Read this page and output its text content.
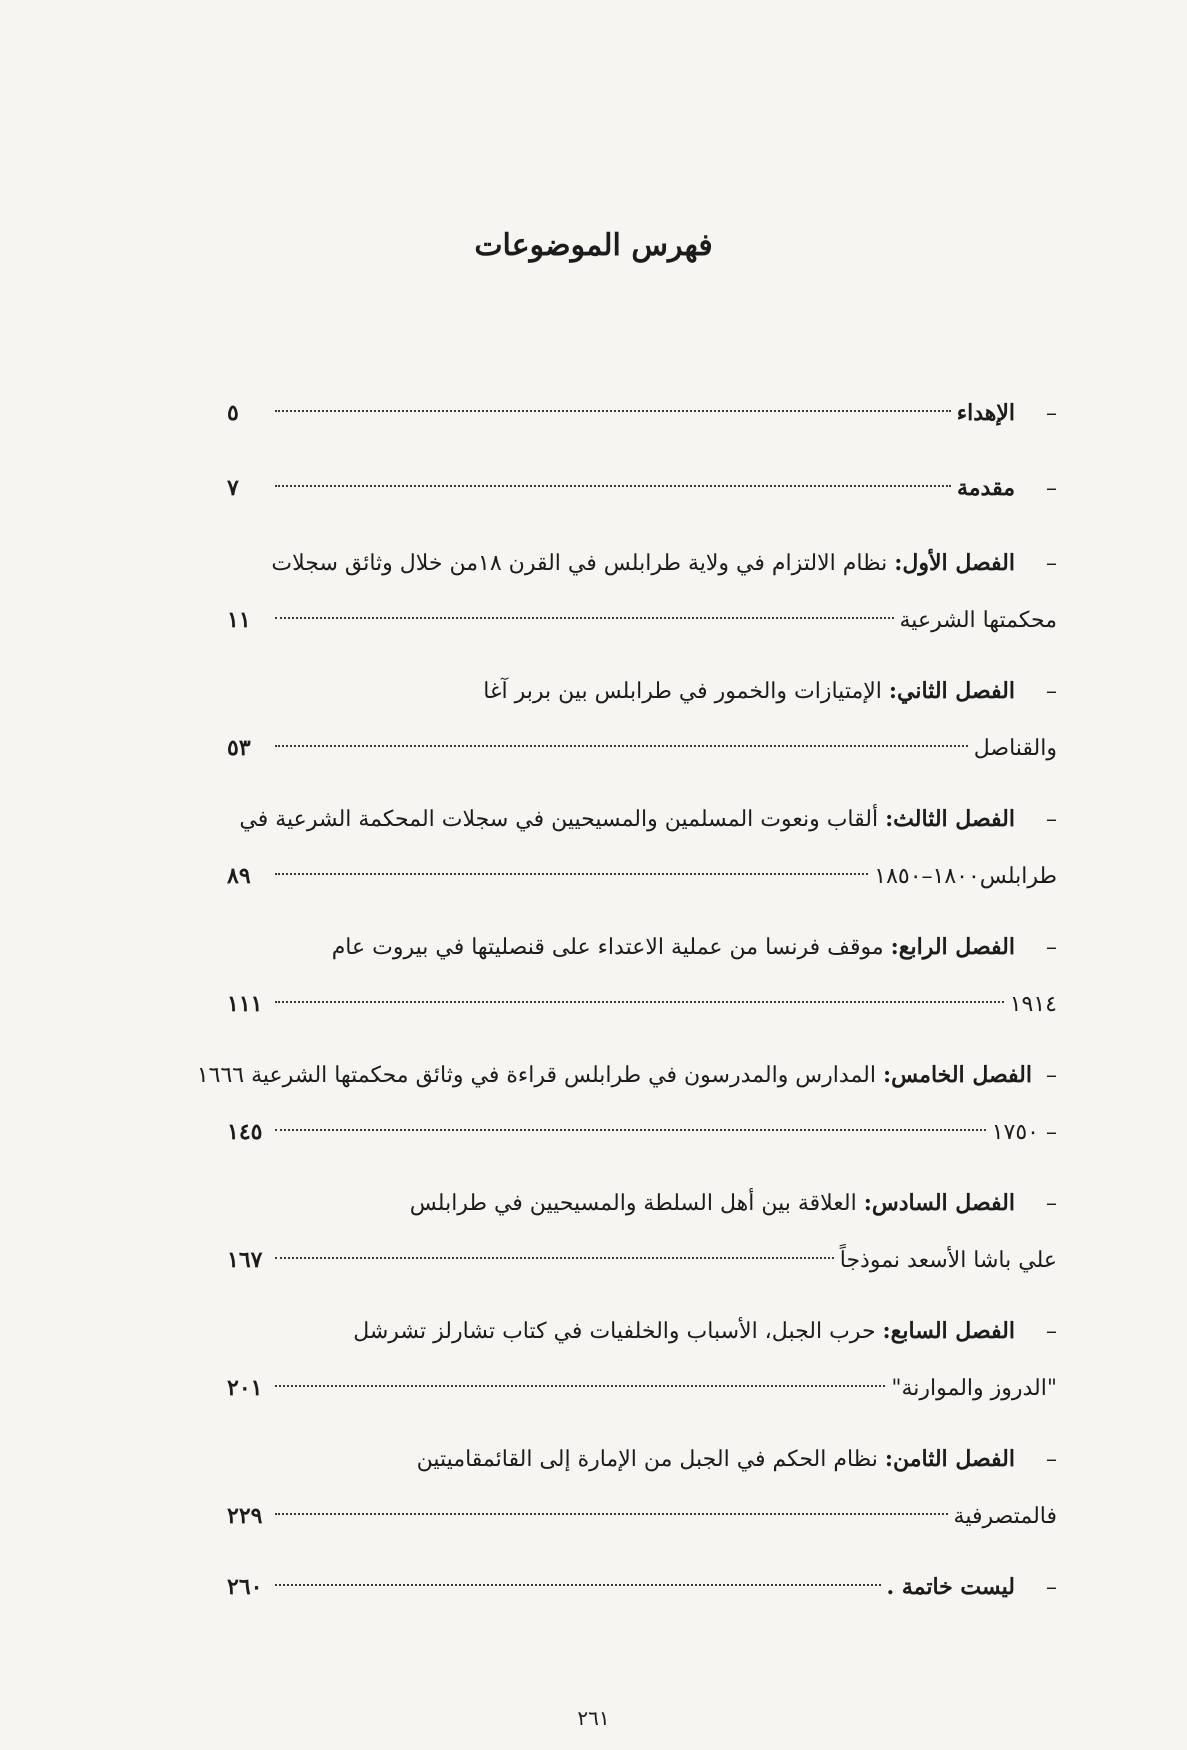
فهرس الموضوعات
–
الإهداء
٥
–
مقدمة
٧
–
الفصل الأول:

نظام الالتزام في ولاية طرابلس في القرن ١٨من خلال وثائق سجلات
محكمتها الشرعية
١١
–
الفصل الثاني:

الإمتيازات والخمور في طرابلس بين بربر آغا
والقناصل
٥٣
–
الفصل الثالث:

ألقاب ونعوت المسلمين والمسيحيين في سجلات المحكمة الشرعية في
طرابلس١٨٠٠–١٨٥٠
٨٩
–
الفصل الرابع:

موقف فرنسا من عملية الاعتداء على قنصليتها في بيروت عام
١٩١٤
١١١
–
الفصل الخامس:

المدارس والمدرسون في طرابلس قراءة في وثائق محكمتها الشرعية ١٦٦٦
– ١٧٥٠
١٤٥
–
الفصل السادس:

العلاقة بين أهل السلطة والمسيحيين في طرابلس
علي باشا الأسعد نموذجاً
١٦٧
–
الفصل السابع:

حرب الجبل، الأسباب والخلفيات في كتاب تشارلز تشرشل
"الدروز والموارنة"
٢٠١
–
الفصل الثامن:

نظام الحكم في الجبل من الإمارة إلى القائمقاميتين
فالمتصرفية
٢٢٩
–
ليست خاتمة .
٢٦٠
٢٦١
